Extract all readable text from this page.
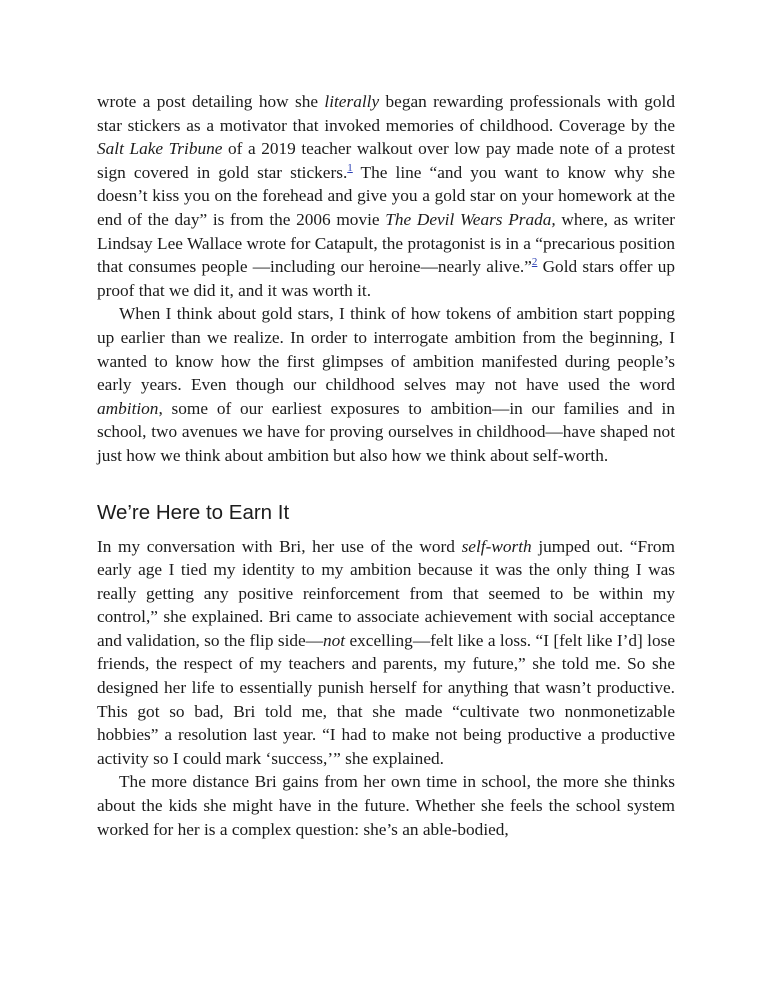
wrote a post detailing how she literally began rewarding professionals with gold star stickers as a motivator that invoked memories of childhood. Coverage by the Salt Lake Tribune of a 2019 teacher walkout over low pay made note of a protest sign covered in gold star stickers.$^1$ The line “and you want to know why she doesn’t kiss you on the forehead and give you a gold star on your homework at the end of the day” is from the 2006 movie The Devil Wears Prada, where, as writer Lindsay Lee Wallace wrote for Catapult, the protagonist is in a “precarious position that consumes people —including our heroine—nearly alive.”$^2$ Gold stars offer up proof that we did it, and it was worth it.

When I think about gold stars, I think of how tokens of ambition start popping up earlier than we realize. In order to interrogate ambition from the beginning, I wanted to know how the first glimpses of ambition manifested during people’s early years. Even though our childhood selves may not have used the word ambition, some of our earliest exposures to ambition—in our families and in school, two avenues we have for proving ourselves in childhood—have shaped not just how we think about ambition but also how we think about self-worth.

We’re Here to Earn It

In my conversation with Bri, her use of the word self-worth jumped out. “From early age I tied my identity to my ambition because it was the only thing I was really getting any positive reinforcement from that seemed to be within my control,” she explained. Bri came to associate achievement with social acceptance and validation, so the flip side—not excelling—felt like a loss. “I [felt like I’d] lose friends, the respect of my teachers and parents, my future,” she told me. So she designed her life to essentially punish herself for anything that wasn’t productive. This got so bad, Bri told me, that she made “cultivate two nonmonetizable hobbies” a resolution last year. “I had to make not being productive a productive activity so I could mark ‘success,’” she explained.

The more distance Bri gains from her own time in school, the more she thinks about the kids she might have in the future. Whether she feels the school system worked for her is a complex question: she’s an able-bodied,
